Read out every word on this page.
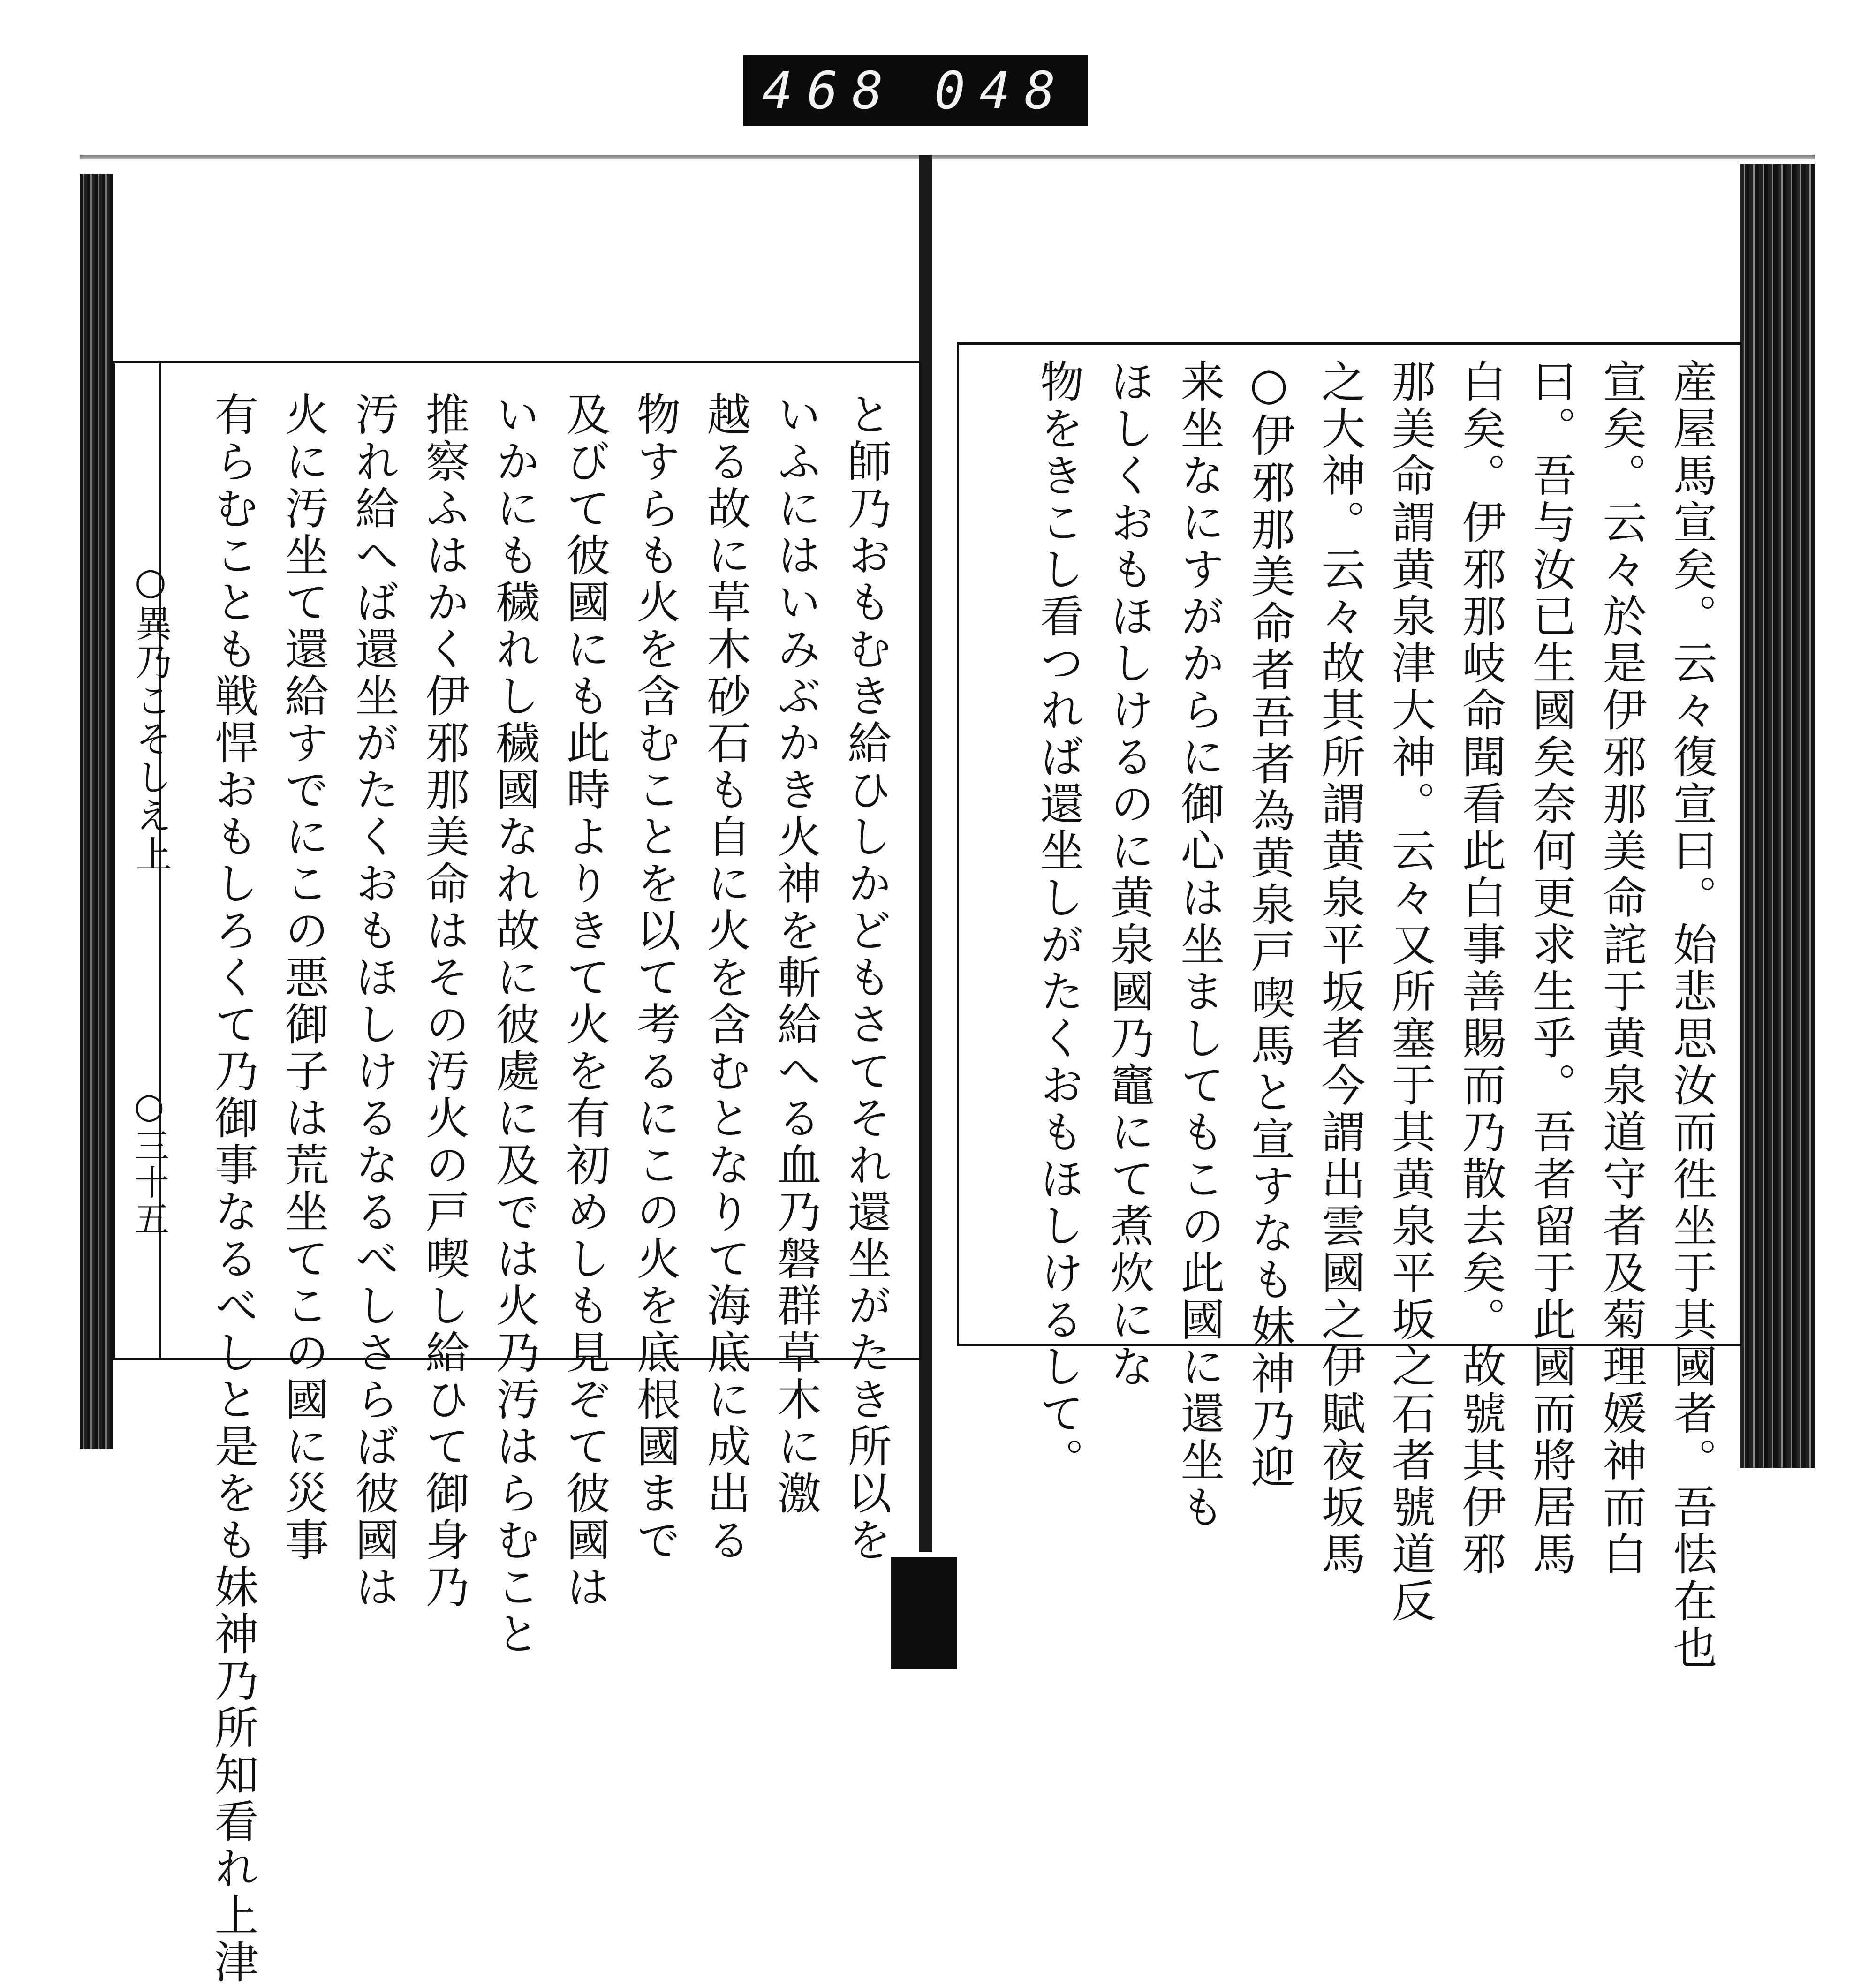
468 048
○異乃こそしえ上
○三十五	と師乃おもむき給ひしかどもさてそれ還坐がたき所以を
いふにはいみぶかき火神を斬給へる血乃磐群草木に激
越る故に草木砂石も自に火を含むとなりて海底に成出る
物すらも火を含むことを以て考るにこの火を底根國まで
及びて彼國にも此時よりきて火を有初めしも見ぞて彼國は
いかにも穢れし穢國なれ故に彼處に及では火乃汚はらむこと
推察ふはかく伊邪那美命はその汚火の戸喫し給ひて御身乃
汚れ給へば還坐がたくおもほしけるなるべしさらば彼國は
火に汚坐て還給すでにこの悪御子は荒坐てこの國に災事
有らむことも戦悍おもしろくて乃御事なるべしと是をも妹神乃所知看れ上津	産屋馬宣矣。云々復宣曰。始悲思汝而徃坐于其國者。吾怯在也
宣矣。云々於是伊邪那美命詫于黄泉道守者及菊理媛神而白
曰。吾与汝已生國矣奈何更求生乎。吾者留于此國而將居馬
白矣。伊邪那岐命聞看此白事善賜而乃散去矣。故號其伊邪
那美命謂黄泉津大神。云々又所塞于其黄泉平坂之石者號道反
之大神。云々故其所謂黄泉平坂者今謂出雲國之伊賦夜坂馬
○伊邪那美命者吾者為黄泉戸喫馬と宣すなも妹神乃迎
来坐なにすがからに御心は坐ましてもこの此國に還坐も
ほしくおもほしけるのに黄泉國乃竈にて煮炊にな
物をきこし看つれば還坐しがたくおもほしけるして。
